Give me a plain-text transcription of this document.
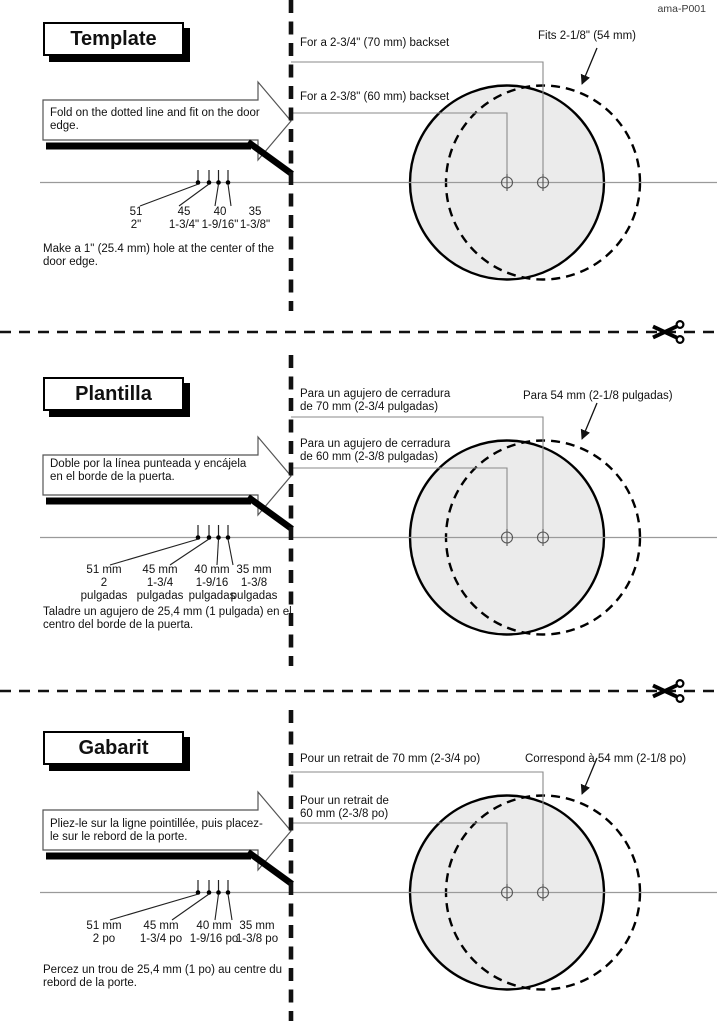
ama-P001
Template	For a 2-3/4" (70 mm) backset
For a 2-3/8" (60 mm) backset
Fits 2-1/8" (54 mm)
Fold on the dotted line and fit on the door edge.
51
2"
45
1-3/4"
40
1-9/16"
35
1-3/8"
Make a 1" (25.4 mm) hole at the center of the door edge.
Plantilla	Para un agujero de cerradura de 70 mm (2-3/4 pulgadas)
Para un agujero de cerradura de 60 mm (2-3/8 pulgadas)
Para 54 mm (2-1/8 pulgadas)
Doble por la línea punteada y encájela en el borde de la puerta.
51 mm
2
pulgadas
45 mm
1-3/4
pulgadas
40 mm
1-9/16
pulgadas
35 mm
1-3/8
pulgadas
Taladre un agujero de 25,4 mm (1 pulgada) en el centro del borde de la puerta.
Gabarit
Pour un retrait de 70 mm (2-3/4 po)
Pour un retrait de 60 mm (2-3/8 po)
Correspond à 54 mm (2-1/8 po)
Pliez-le sur la ligne pointillée, puis placez-le sur le rebord de la porte.
51 mm
2 po
45 mm
1-3/4 po
40 mm
1-9/16 po
35 mm
1-3/8 po
Percez un trou de 25,4 mm (1 po) au centre du rebord de la porte.
